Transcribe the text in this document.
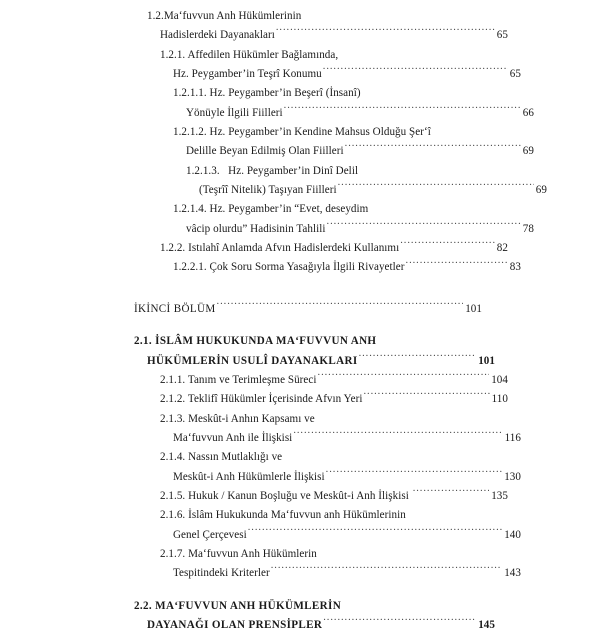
1.2. Ma‘fuvvun Anh Hükümlerinin
Hadislerdeki Dayanakları .....	65
1.2.1. Affedilen Hükümler Bağlamında,
Hz. Peygamber’in Teşrî Konumu .....	65
1.2.1.1. Hz. Peygamber’in Beşerî (İnsanî)
Yönüyle İlgili Fiilleri .....	66
1.2.1.2. Hz. Peygamber’in Kendine Mahsus Olduğu Şer‘î
Delille Beyan Edilmiş Olan Fiilleri .....	69
1.2.1.3. Hz. Peygamber’in Dinî Delil
(Teşrîî Nitelik) Taşıyan Fiilleri .....	69
1.2.1.4. Hz. Peygamber’in “Evet, deseydim
vâcip olurdu” Hadisinin Tahlili .....	78
1.2.2. Istılahî Anlamda Afvın Hadislerdeki Kullanımı .....	82
1.2.2.1. Çok Soru Sorma Yasağıyla İlgili Rivayetler .....	83
İKİNCİ BÖLÜM .....	101
2.1. İSLÂM HUKUKUNDA MA‘FUVVUN ANH
HÜKÜMLERİN USULÎ DAYANAKLARI .....	101
2.1.1. Tanım ve Terimleşme Süreci .....	104
2.1.2. Teklifî Hükümler İçerisinde Afvın Yeri .....	110
2.1.3. Meskût-i Anhın Kapsamı ve
Ma‘fuvvun Anh ile İlişkisi .....	116
2.1.4. Nassın Mutlaklığı ve
Meskût-i Anh Hükümlerle İlişkisi .....	130
2.1.5. Hukuk / Kanun Boşluğu ve Meskût-i Anh İlişkisi .....	135
2.1.6. İslâm Hukukunda Ma‘fuvvun anh Hükümlerinin
Genel Çerçevesi .....	140
2.1.7. Ma‘fuvvun Anh Hükümlerin
Tespitindeki Kriterler .....	143
2.2. MA‘FUVVUN ANH HÜKÜMLERİN
DAYANAĞI OLAN PRENSİPLER .....	145
